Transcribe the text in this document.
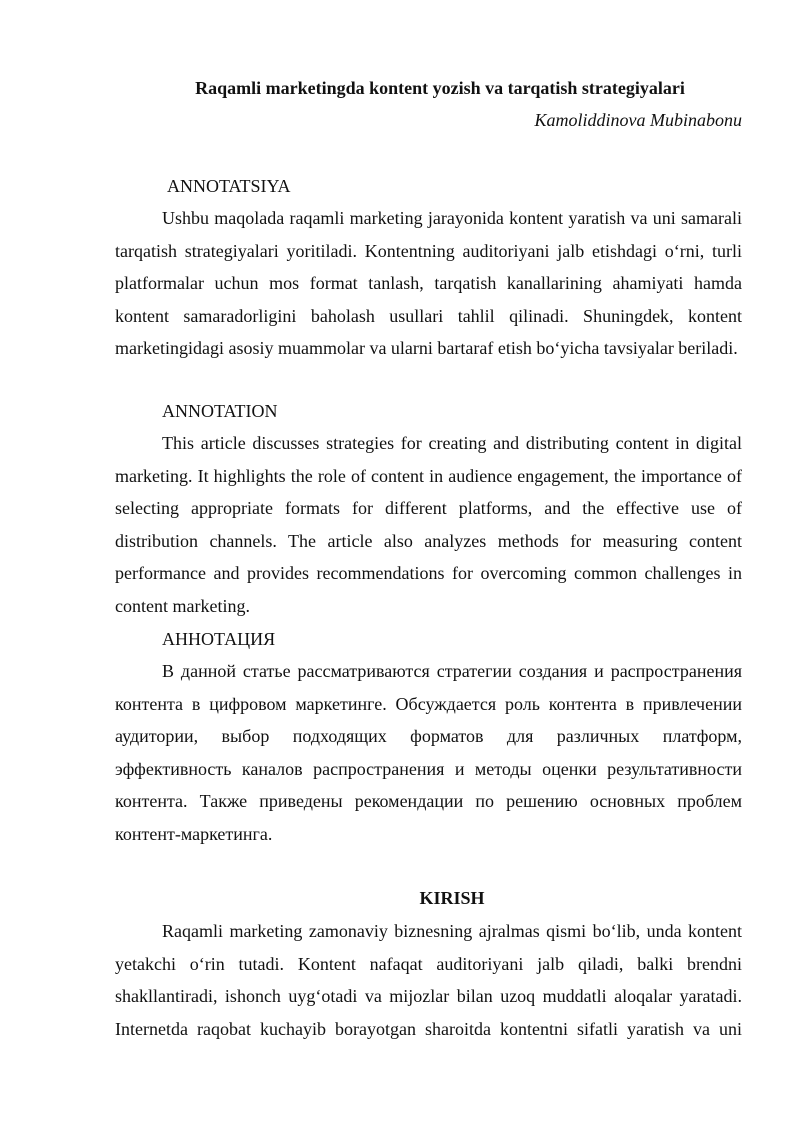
Raqamli marketingda kontent yozish va tarqatish strategiyalari

Kamoliddinova Mubinabonu

ANNOTATSIYA

Ushbu maqolada raqamli marketing jarayonida kontent yaratish va uni samarali tarqatish strategiyalari yoritiladi. Kontentning auditoriyani jalb etishdagi o‘rni, turli platformalar uchun mos format tanlash, tarqatish kanallarining ahamiyati hamda kontent samaradorligini baholash usullari tahlil qilinadi. Shuningdek, kontent marketingidagi asosiy muammolar va ularni bartaraf etish bo‘yicha tavsiyalar beriladi.

ANNOTATION

This article discusses strategies for creating and distributing content in digital marketing. It highlights the role of content in audience engagement, the importance of selecting appropriate formats for different platforms, and the effective use of distribution channels. The article also analyzes methods for measuring content performance and provides recommendations for overcoming common challenges in content marketing.

АННОТАЦИЯ

В данной статье рассматриваются стратегии создания и распространения контента в цифровом маркетинге. Обсуждается роль контента в привлечении аудитории, выбор подходящих форматов для различных платформ, эффективность каналов распространения и методы оценки результативности контента. Также приведены рекомендации по решению основных проблем контент-маркетинга.

KIRISH

Raqamli marketing zamonaviy biznesning ajralmas qismi bo‘lib, unda kontent yetakchi o‘rin tutadi. Kontent nafaqat auditoriyani jalb qiladi, balki brendni shakllantiradi, ishonch uyg‘otadi va mijozlar bilan uzoq muddatli aloqalar yaratadi. Internetda raqobat kuchayib borayotgan sharoitda kontentni sifatli yaratish va uni
